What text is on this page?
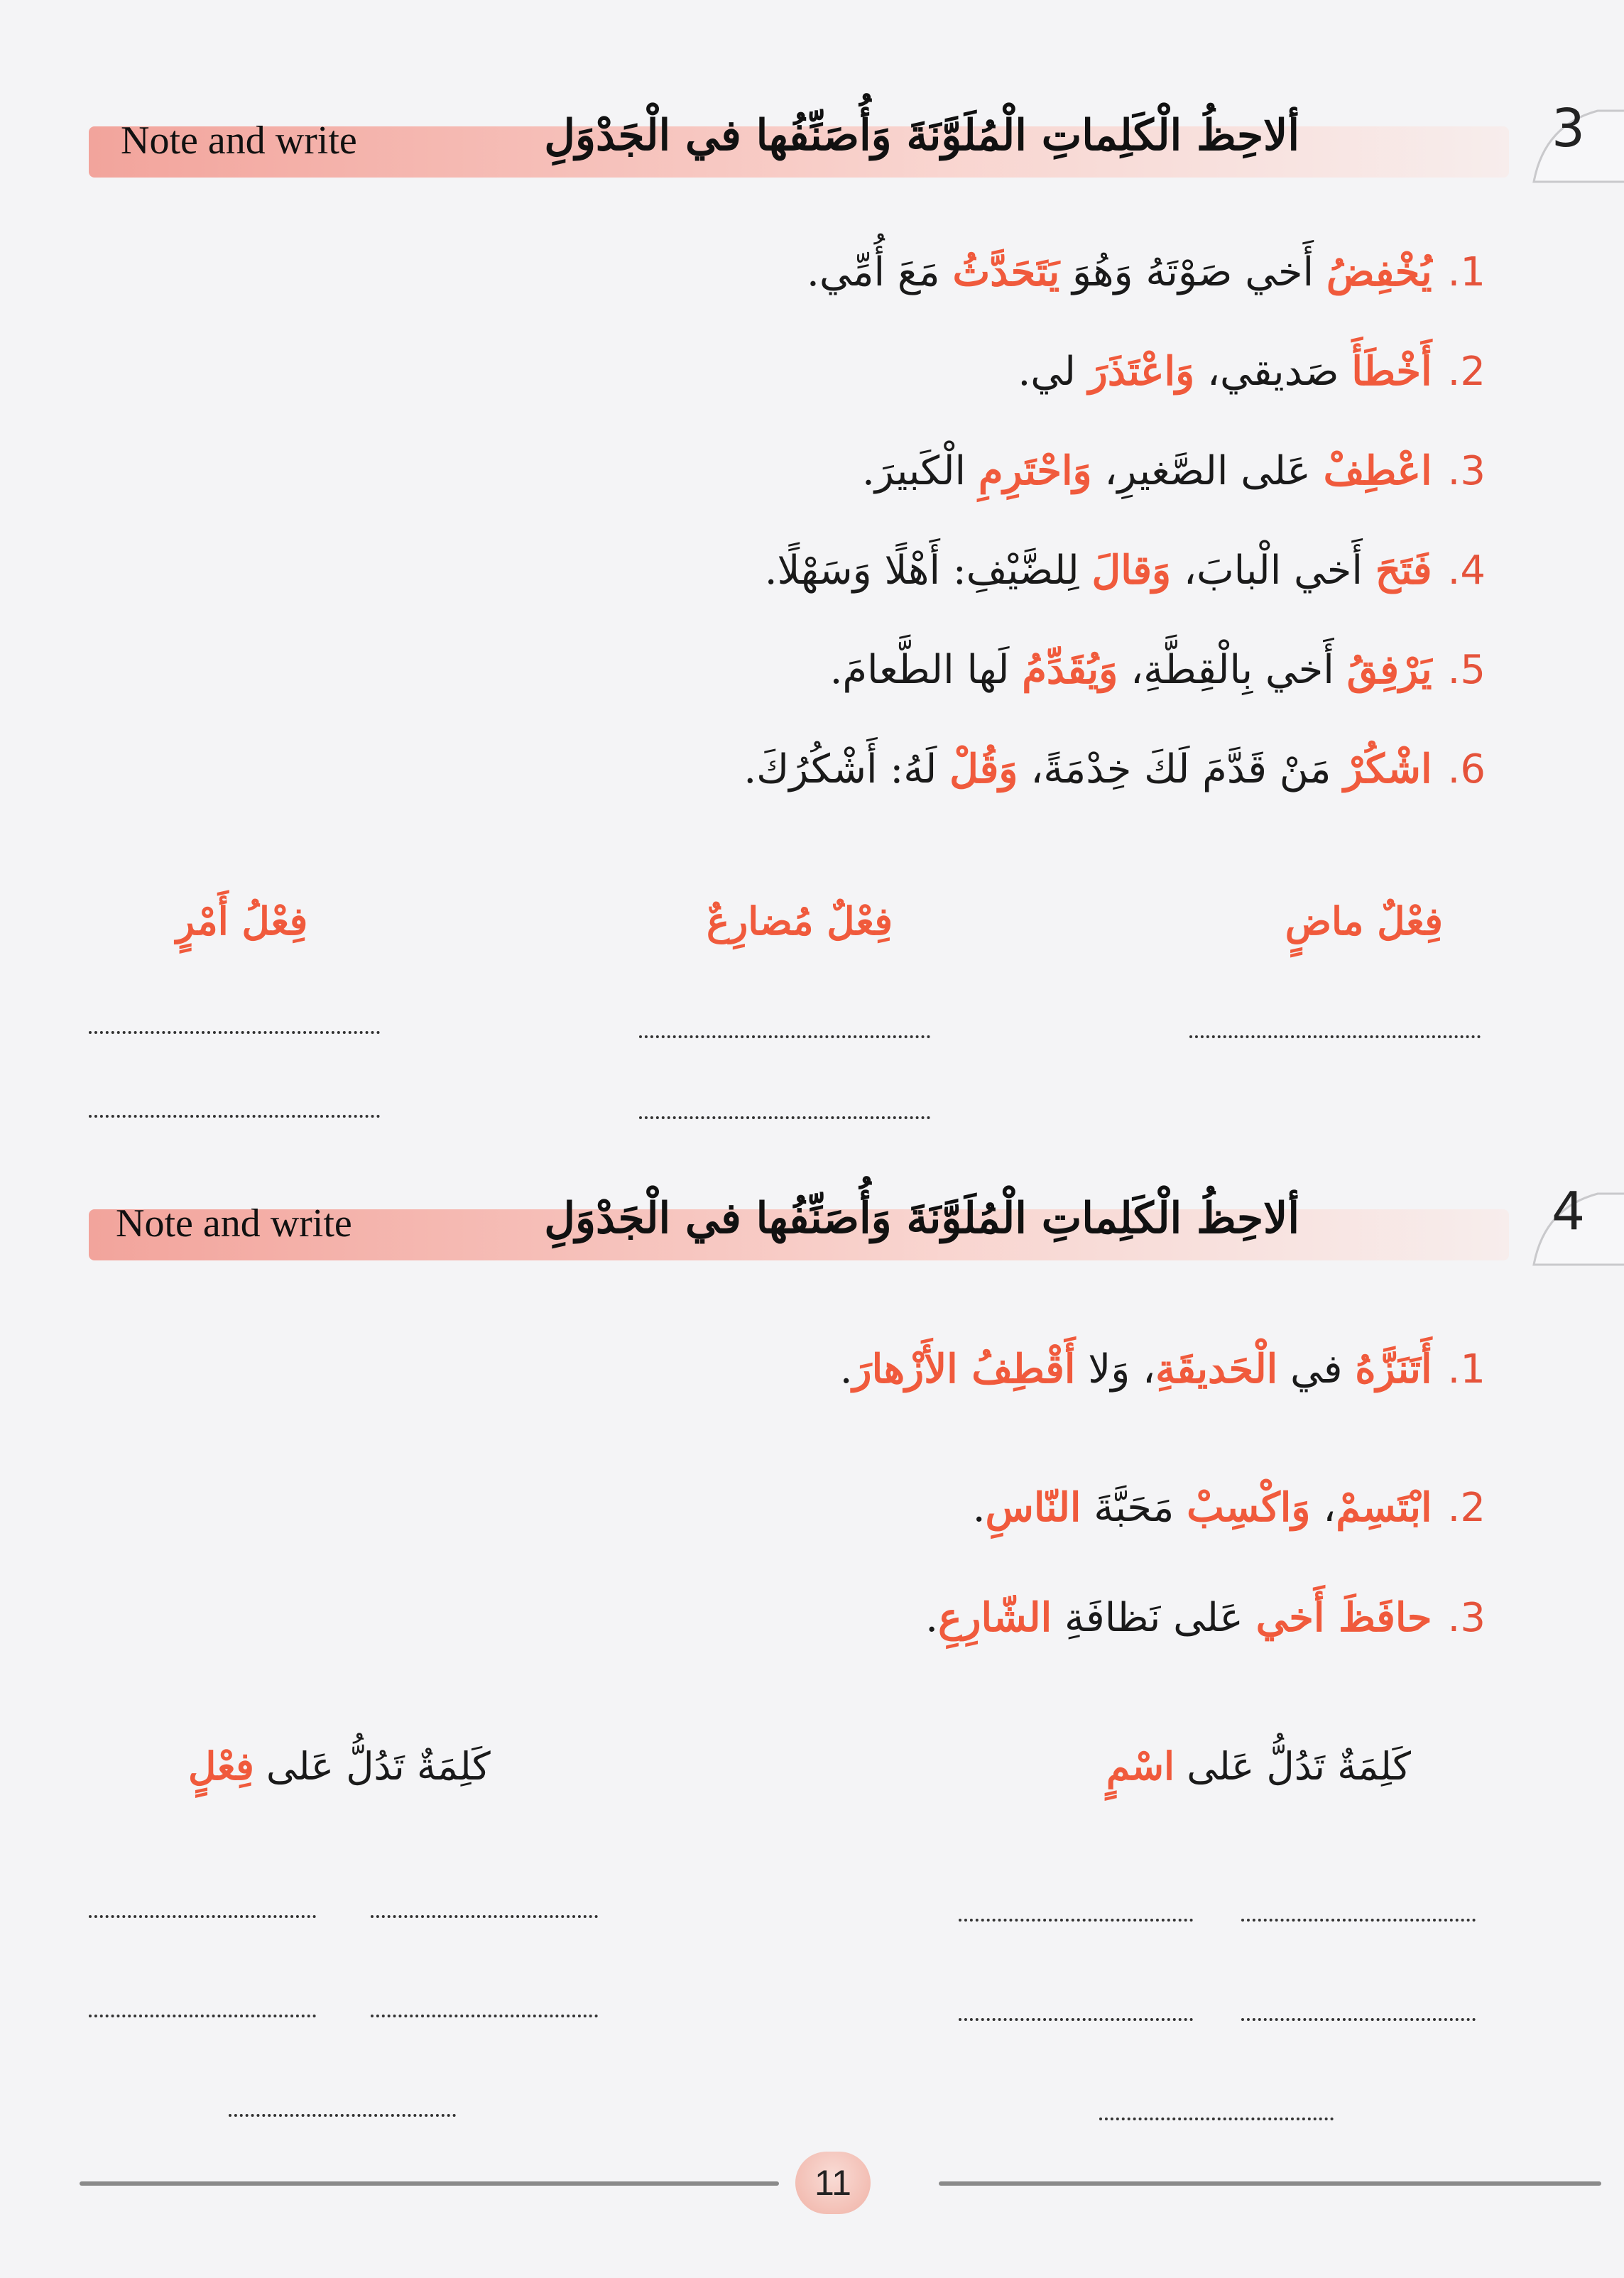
3
Note and write	ألاحِظُ الْكَلِماتِ الْمُلَوَّنَةَ وَأُصَنِّفُها في الْجَدْوَلِ
1.يُخْفِضُ أَخي صَوْتَهُ وَهُوَ يَتَحَدَّثُ مَعَ أُمِّي.
2.أَخْطَأَ صَديقي، وَاعْتَذَرَ لي.
3.اعْطِفْ عَلى الصَّغيرِ، وَاحْتَرِمِ الْكَبيرَ.
4.فَتَحَ أَخي الْبابَ، وَقالَ لِلضَّيْفِ: أَهْلًا وَسَهْلًا.
5.يَرْفِقُ أَخي بِالْقِطَّةِ، وَيُقَدِّمُ لَها الطَّعامَ.
6.اشْكُرْ مَنْ قَدَّمَ لَكَ خِدْمَةً، وَقُلْ لَهُ: أَشْكُرُكَ.
فِعْلٌ ماضٍ
فِعْلٌ مُضارِعٌ
فِعْلُ أَمْرٍ
4
Note and write	ألاحِظُ الْكَلِماتِ الْمُلَوَّنَةَ وَأُصَنِّفُها في الْجَدْوَلِ
1.أَتَنَزَّهُ في الْحَديقَةِ، وَلا أَقْطِفُ الأَزْهارَ.
2.ابْتَسِمْ، وَاكْسِبْ مَحَبَّةَ النّاسِ.
3.حافَظَ أَخي عَلى نَظافَةِ الشّارِعِ.
كَلِمَةٌ تَدُلُّ عَلى اسْمٍ
كَلِمَةٌ تَدُلُّ عَلى فِعْلٍ
11
